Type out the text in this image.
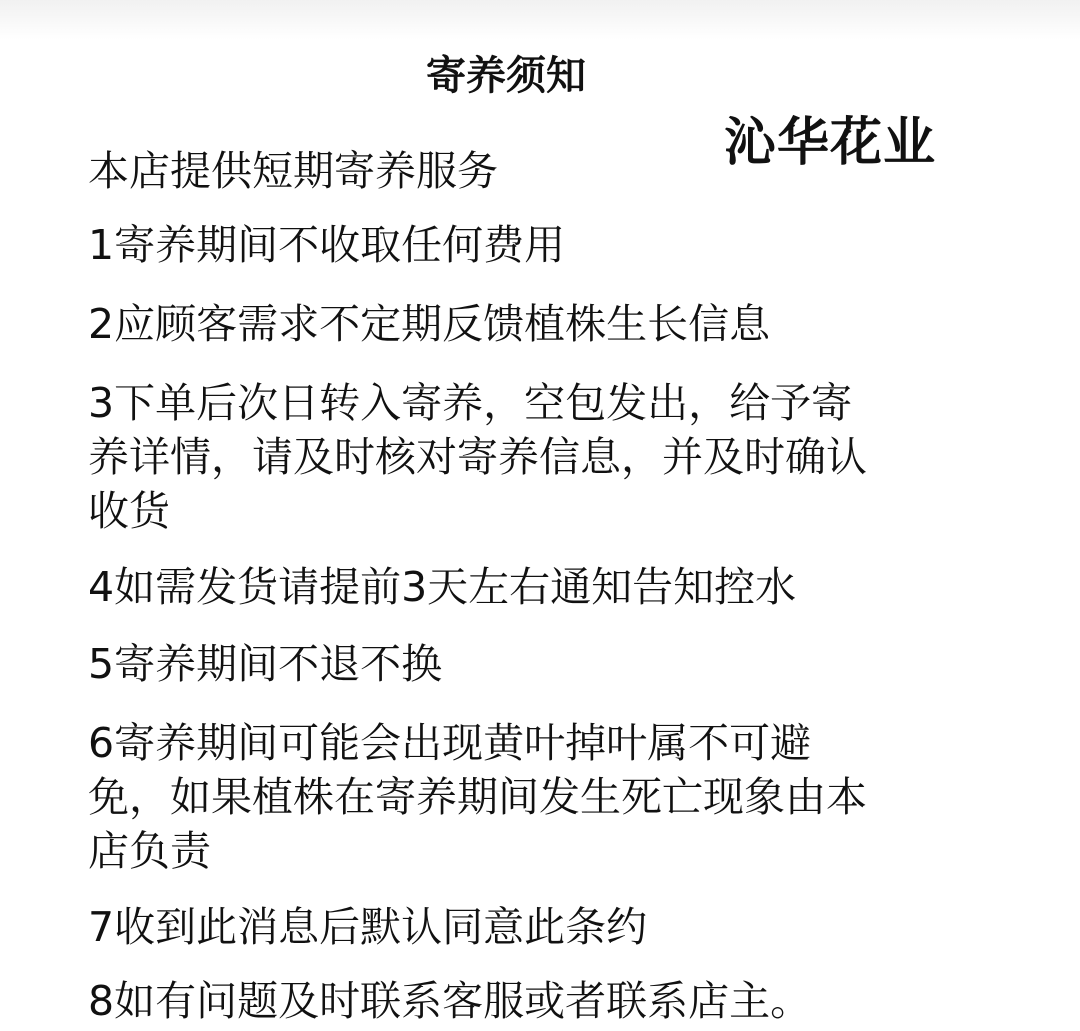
寄养须知
沁华花业
本店提供短期寄养服务
1寄养期间不收取任何费用
2应顾客需求不定期反馈植株生长信息
3下单后次日转入寄养，空包发出，给予寄
养详情，请及时核对寄养信息，并及时确认
收货
4如需发货请提前3天左右通知告知控水
5寄养期间不退不换
6寄养期间可能会出现黄叶掉叶属不可避
免，如果植株在寄养期间发生死亡现象由本
店负责
7收到此消息后默认同意此条约
8如有问题及时联系客服或者联系店主。
